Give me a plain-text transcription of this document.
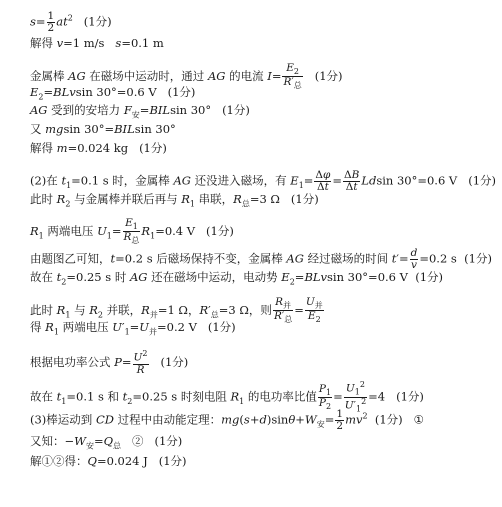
$s= \frac{1}{2} at^2$   (1分)
解得 v=1 m/s   s=0.1 m
金属棒 AG 在磁场中运动时，通过 AG 的电流 $I= \frac{E_2}{R'_总} (1$分)
$E_2=BLvsin$ 30°=0.6 V   (1分)
AG 受到的安培力 $F_安=BILsin$ 30°   (1分)
又 mgsin 30°=BILsin 30°
解得 m=0.024 kg   (1分)
(2)在 $t_1=0.1$ s 时，金属棒 AG 还没进入磁场，有 $E_1= \frac{\Delta\varphi}{\Delta t} = \frac{\Delta B}{\Delta t}$ Ldsin 30°=0.6 V   (1分)
此时 $R_2$ 与金属棒并联后再与 $R_1$ 串联，$R_总=3$ Ω   (1分)
$R_1$ 两端电压 $U_1= \frac{E_1}{R_总} R_1=0.4$ V   (1分)
由题图乙可知，t=0.2 s 后磁场保持不变，金属棒 AG 经过磁场的时间 $t'= \frac{d}{v} =0.2$ s  (1分)
故在 $t_2=0.25$ s 时 AG 还在磁场中运动，电动势 $E_2=BLvsin$ 30°=0.6 V  (1分)
此时 $R_1$ 与 $R_2$ 并联，$R_并=1$ Ω，$R'_总=3$ Ω，则 $\frac{R_并}{R'_总} = \frac{U_并}{E_2}$
得 $R_1$ 两端电压 $U'_1=U_并=0.2$ V   (1分)
根据电功率公式 $P= \frac{U^2}{R} (1$分)
故在 $t_1=0.1$ s 和 $t_2=0.25$ s 时刻电阻 $R_1$ 的电功率比值 $\frac{P_1}{P_2} = \frac{U_1^2}{U'_1^2} =4$   (1分)
(3)棒运动到 CD 过程中由动能定理：$mg(s+d)\sin\theta+W_安= \frac{1}{2} mv^2$  (1分)   ①
又知：$-W_安=Q_总$   ②   (1分)
解①②得：Q=0.024 J   (1分)
